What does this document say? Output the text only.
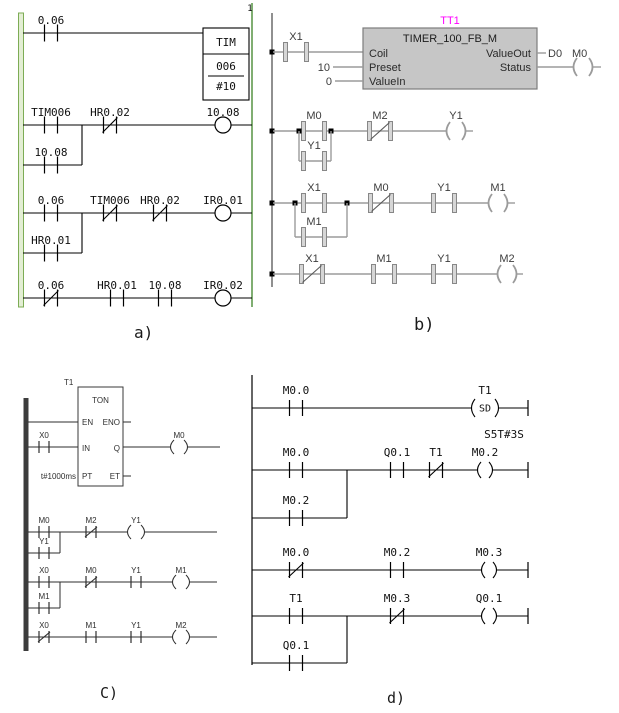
1
0.06
TIM
006
#10
TIM006 HR0.02	10.08
10.08
0.06 TIM006 HR0.02 IR0.01
HR0.01
0.06	HR0.01 10.08 IR0.02
X1
TT1
TIMER_100_FB_M
Coil
Preset
ValueIn
ValueOut
Status
10
0
D0 M0
M0
Y1
M2	Y1
X1
M1
M0	Y1	M1
X1	M1	Y1	M2
T1
TON
EN
IN
PT
ENO
Q
ET
X0	M0
t#1000ms
M0
Y1
M2	Y1
X0
M1
M0	Y1	M1
X0	M1	Y1	M2
M0.0
SD
T1
S5T#3S
M0.0	Q0.1 T1	M0.2
M0.2
M0.0	M0.2	M0.3
T1	M0.3	Q0.1
Q0.1
a)	b)
C)	d)
